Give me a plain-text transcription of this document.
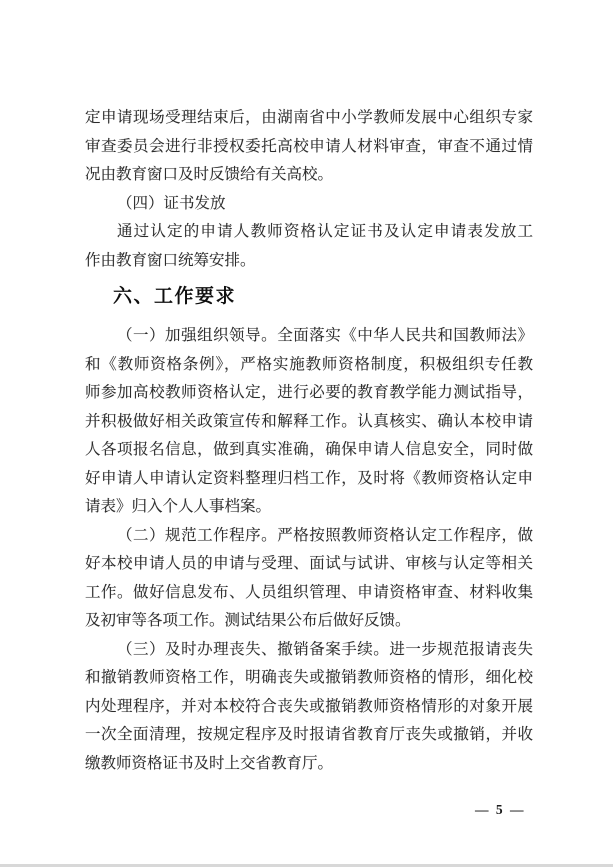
定申请现场受理结束后，由湖南省中小学教师发展中心组织专家
审查委员会进行非授权委托高校申请人材料审查，审查不通过情
况由教育窗口及时反馈给有关高校。
（四）证书发放
通过认定的申请人教师资格认定证书及认定申请表发放工
作由教育窗口统筹安排。
六、工作要求
（一）加强组织领导。全面落实《中华人民共和国教师法》
和《教师资格条例》，严格实施教师资格制度，积极组织专任教
师参加高校教师资格认定，进行必要的教育教学能力测试指导，
并积极做好相关政策宣传和解释工作。认真核实、确认本校申请
人各项报名信息，做到真实准确，确保申请人信息安全，同时做
好申请人申请认定资料整理归档工作，及时将《教师资格认定申
请表》归入个人人事档案。
（二）规范工作程序。严格按照教师资格认定工作程序，做
好本校申请人员的申请与受理、面试与试讲、审核与认定等相关
工作。做好信息发布、人员组织管理、申请资格审查、材料收集
及初审等各项工作。测试结果公布后做好反馈。
（三）及时办理丧失、撤销备案手续。进一步规范报请丧失
和撤销教师资格工作，明确丧失或撤销教师资格的情形，细化校
内处理程序，并对本校符合丧失或撤销教师资格情形的对象开展
一次全面清理，按规定程序及时报请省教育厅丧失或撤销，并收
缴教师资格证书及时上交省教育厅。
— 5 —
